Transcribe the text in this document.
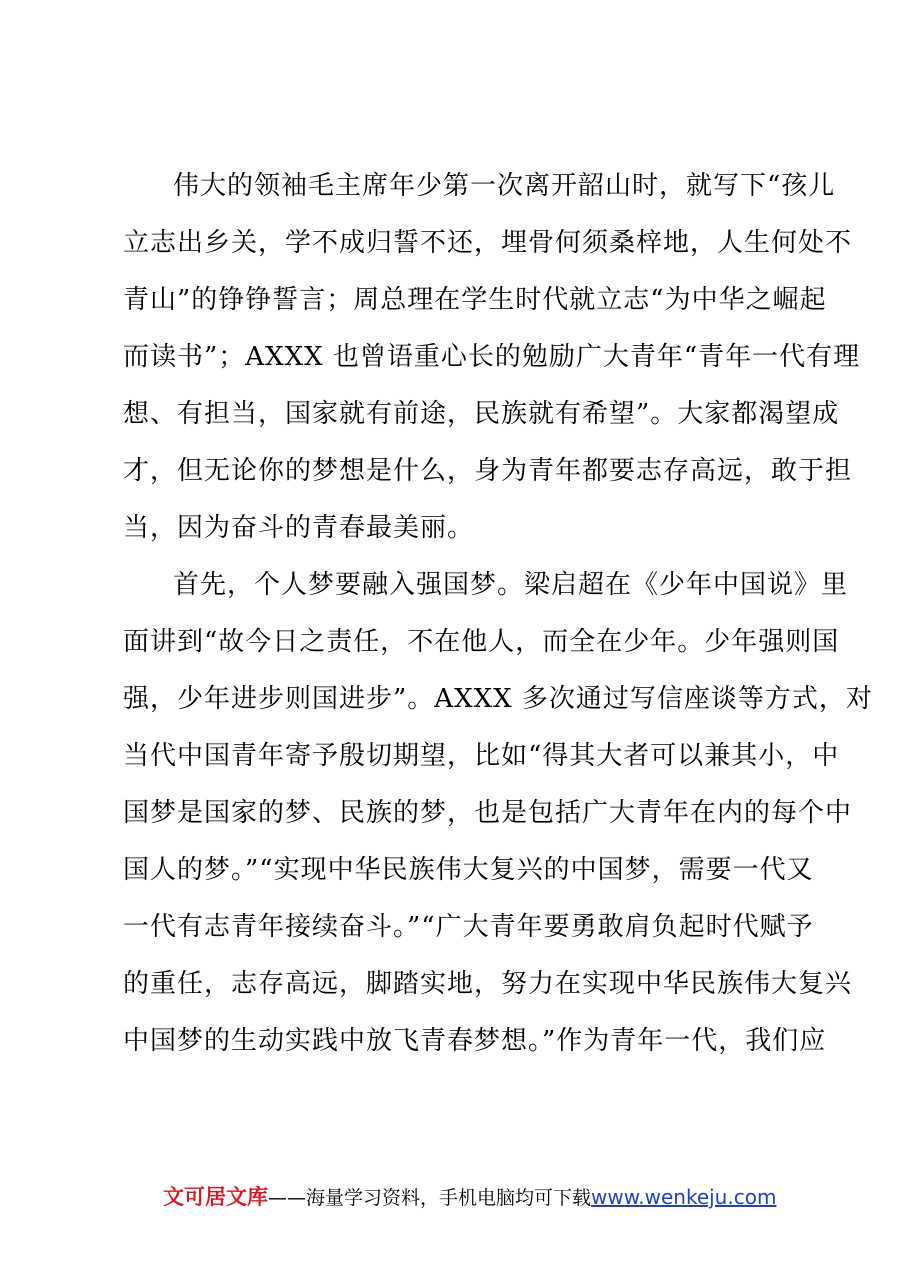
伟大的领袖毛主席年少第一次离开韶山时，就写下“孩儿
立志出乡关，学不成归誓不还，埋骨何须桑梓地，人生何处不
青山”的铮铮誓言；周总理在学生时代就立志“为中华之崛起
而读书”；AXXX 也曾语重心长的勉励广大青年“青年一代有理
想、有担当，国家就有前途，民族就有希望”。大家都渴望成
才，但无论你的梦想是什么，身为青年都要志存高远，敢于担
当，因为奋斗的青春最美丽。
首先，个人梦要融入强国梦。梁启超在《少年中国说》里
面讲到“故今日之责任，不在他人，而全在少年。少年强则国
强，少年进步则国进步”。AXXX 多次通过写信座谈等方式，对
当代中国青年寄予殷切期望，比如“得其大者可以兼其小，中
国梦是国家的梦、民族的梦，也是包括广大青年在内的每个中
国人的梦。”“实现中华民族伟大复兴的中国梦，需要一代又
一代有志青年接续奋斗。”“广大青年要勇敢肩负起时代赋予
的重任，志存高远，脚踏实地，努力在实现中华民族伟大复兴
中国梦的生动实践中放飞青春梦想。”作为青年一代，我们应
文可居文库——海量学习资料，手机电脑均可下载www.wenkeju.com
